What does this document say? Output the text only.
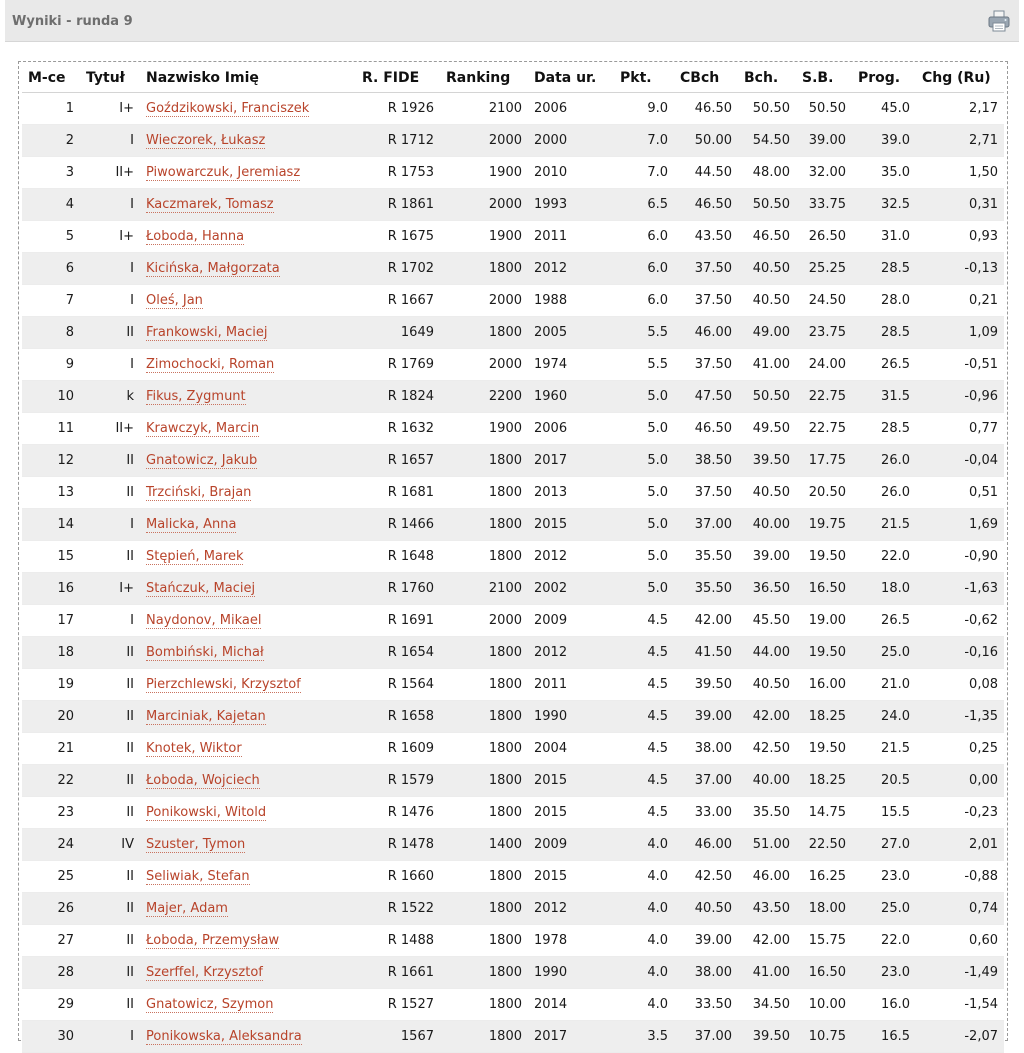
Wyniki - runda 9
M-ce	Tytuł	Nazwisko Imię	R. FIDE	Ranking	Data ur.	Pkt.	CBch	Bch.	S.B.	Prog.	Chg (Ru)
1	I+	Goździkowski, Franciszek	R 1926	2100	2006	9.0	46.50	50.50	50.50	45.0	2,17
2	I	Wieczorek, Łukasz	R 1712	2000	2000	7.0	50.00	54.50	39.00	39.0	2,71
3	II+	Piwowarczuk, Jeremiasz	R 1753	1900	2010	7.0	44.50	48.00	32.00	35.0	1,50
4	I	Kaczmarek, Tomasz	R 1861	2000	1993	6.5	46.50	50.50	33.75	32.5	0,31
5	I+	Łoboda, Hanna	R 1675	1900	2011	6.0	43.50	46.50	26.50	31.0	0,93
6	I	Kicińska, Małgorzata	R 1702	1800	2012	6.0	37.50	40.50	25.25	28.5	-0,13
7	I	Oleś, Jan	R 1667	2000	1988	6.0	37.50	40.50	24.50	28.0	0,21
8	II	Frankowski, Maciej	1649	1800	2005	5.5	46.00	49.00	23.75	28.5	1,09
9	I	Zimochocki, Roman	R 1769	2000	1974	5.5	37.50	41.00	24.00	26.5	-0,51
10	k	Fikus, Zygmunt	R 1824	2200	1960	5.0	47.50	50.50	22.75	31.5	-0,96
11	II+	Krawczyk, Marcin	R 1632	1900	2006	5.0	46.50	49.50	22.75	28.5	0,77
12	II	Gnatowicz, Jakub	R 1657	1800	2017	5.0	38.50	39.50	17.75	26.0	-0,04
13	II	Trzciński, Brajan	R 1681	1800	2013	5.0	37.50	40.50	20.50	26.0	0,51
14	I	Malicka, Anna	R 1466	1800	2015	5.0	37.00	40.00	19.75	21.5	1,69
15	II	Stępień, Marek	R 1648	1800	2012	5.0	35.50	39.00	19.50	22.0	-0,90
16	I+	Stańczuk, Maciej	R 1760	2100	2002	5.0	35.50	36.50	16.50	18.0	-1,63
17	I	Naydonov, Mikael	R 1691	2000	2009	4.5	42.00	45.50	19.00	26.5	-0,62
18	II	Bombiński, Michał	R 1654	1800	2012	4.5	41.50	44.00	19.50	25.0	-0,16
19	II	Pierzchlewski, Krzysztof	R 1564	1800	2011	4.5	39.50	40.50	16.00	21.0	0,08
20	II	Marciniak, Kajetan	R 1658	1800	1990	4.5	39.00	42.00	18.25	24.0	-1,35
21	II	Knotek, Wiktor	R 1609	1800	2004	4.5	38.00	42.50	19.50	21.5	0,25
22	II	Łoboda, Wojciech	R 1579	1800	2015	4.5	37.00	40.00	18.25	20.5	0,00
23	II	Ponikowski, Witold	R 1476	1800	2015	4.5	33.00	35.50	14.75	15.5	-0,23
24	IV	Szuster, Tymon	R 1478	1400	2009	4.0	46.00	51.00	22.50	27.0	2,01
25	II	Seliwiak, Stefan	R 1660	1800	2015	4.0	42.50	46.00	16.25	23.0	-0,88
26	II	Majer, Adam	R 1522	1800	2012	4.0	40.50	43.50	18.00	25.0	0,74
27	II	Łoboda, Przemysław	R 1488	1800	1978	4.0	39.00	42.00	15.75	22.0	0,60
28	II	Szerffel, Krzysztof	R 1661	1800	1990	4.0	38.00	41.00	16.50	23.0	-1,49
29	II	Gnatowicz, Szymon	R 1527	1800	2014	4.0	33.50	34.50	10.00	16.0	-1,54
30	I	Ponikowska, Aleksandra	1567	1800	2017	3.5	37.00	39.50	10.75	16.5	-2,07
